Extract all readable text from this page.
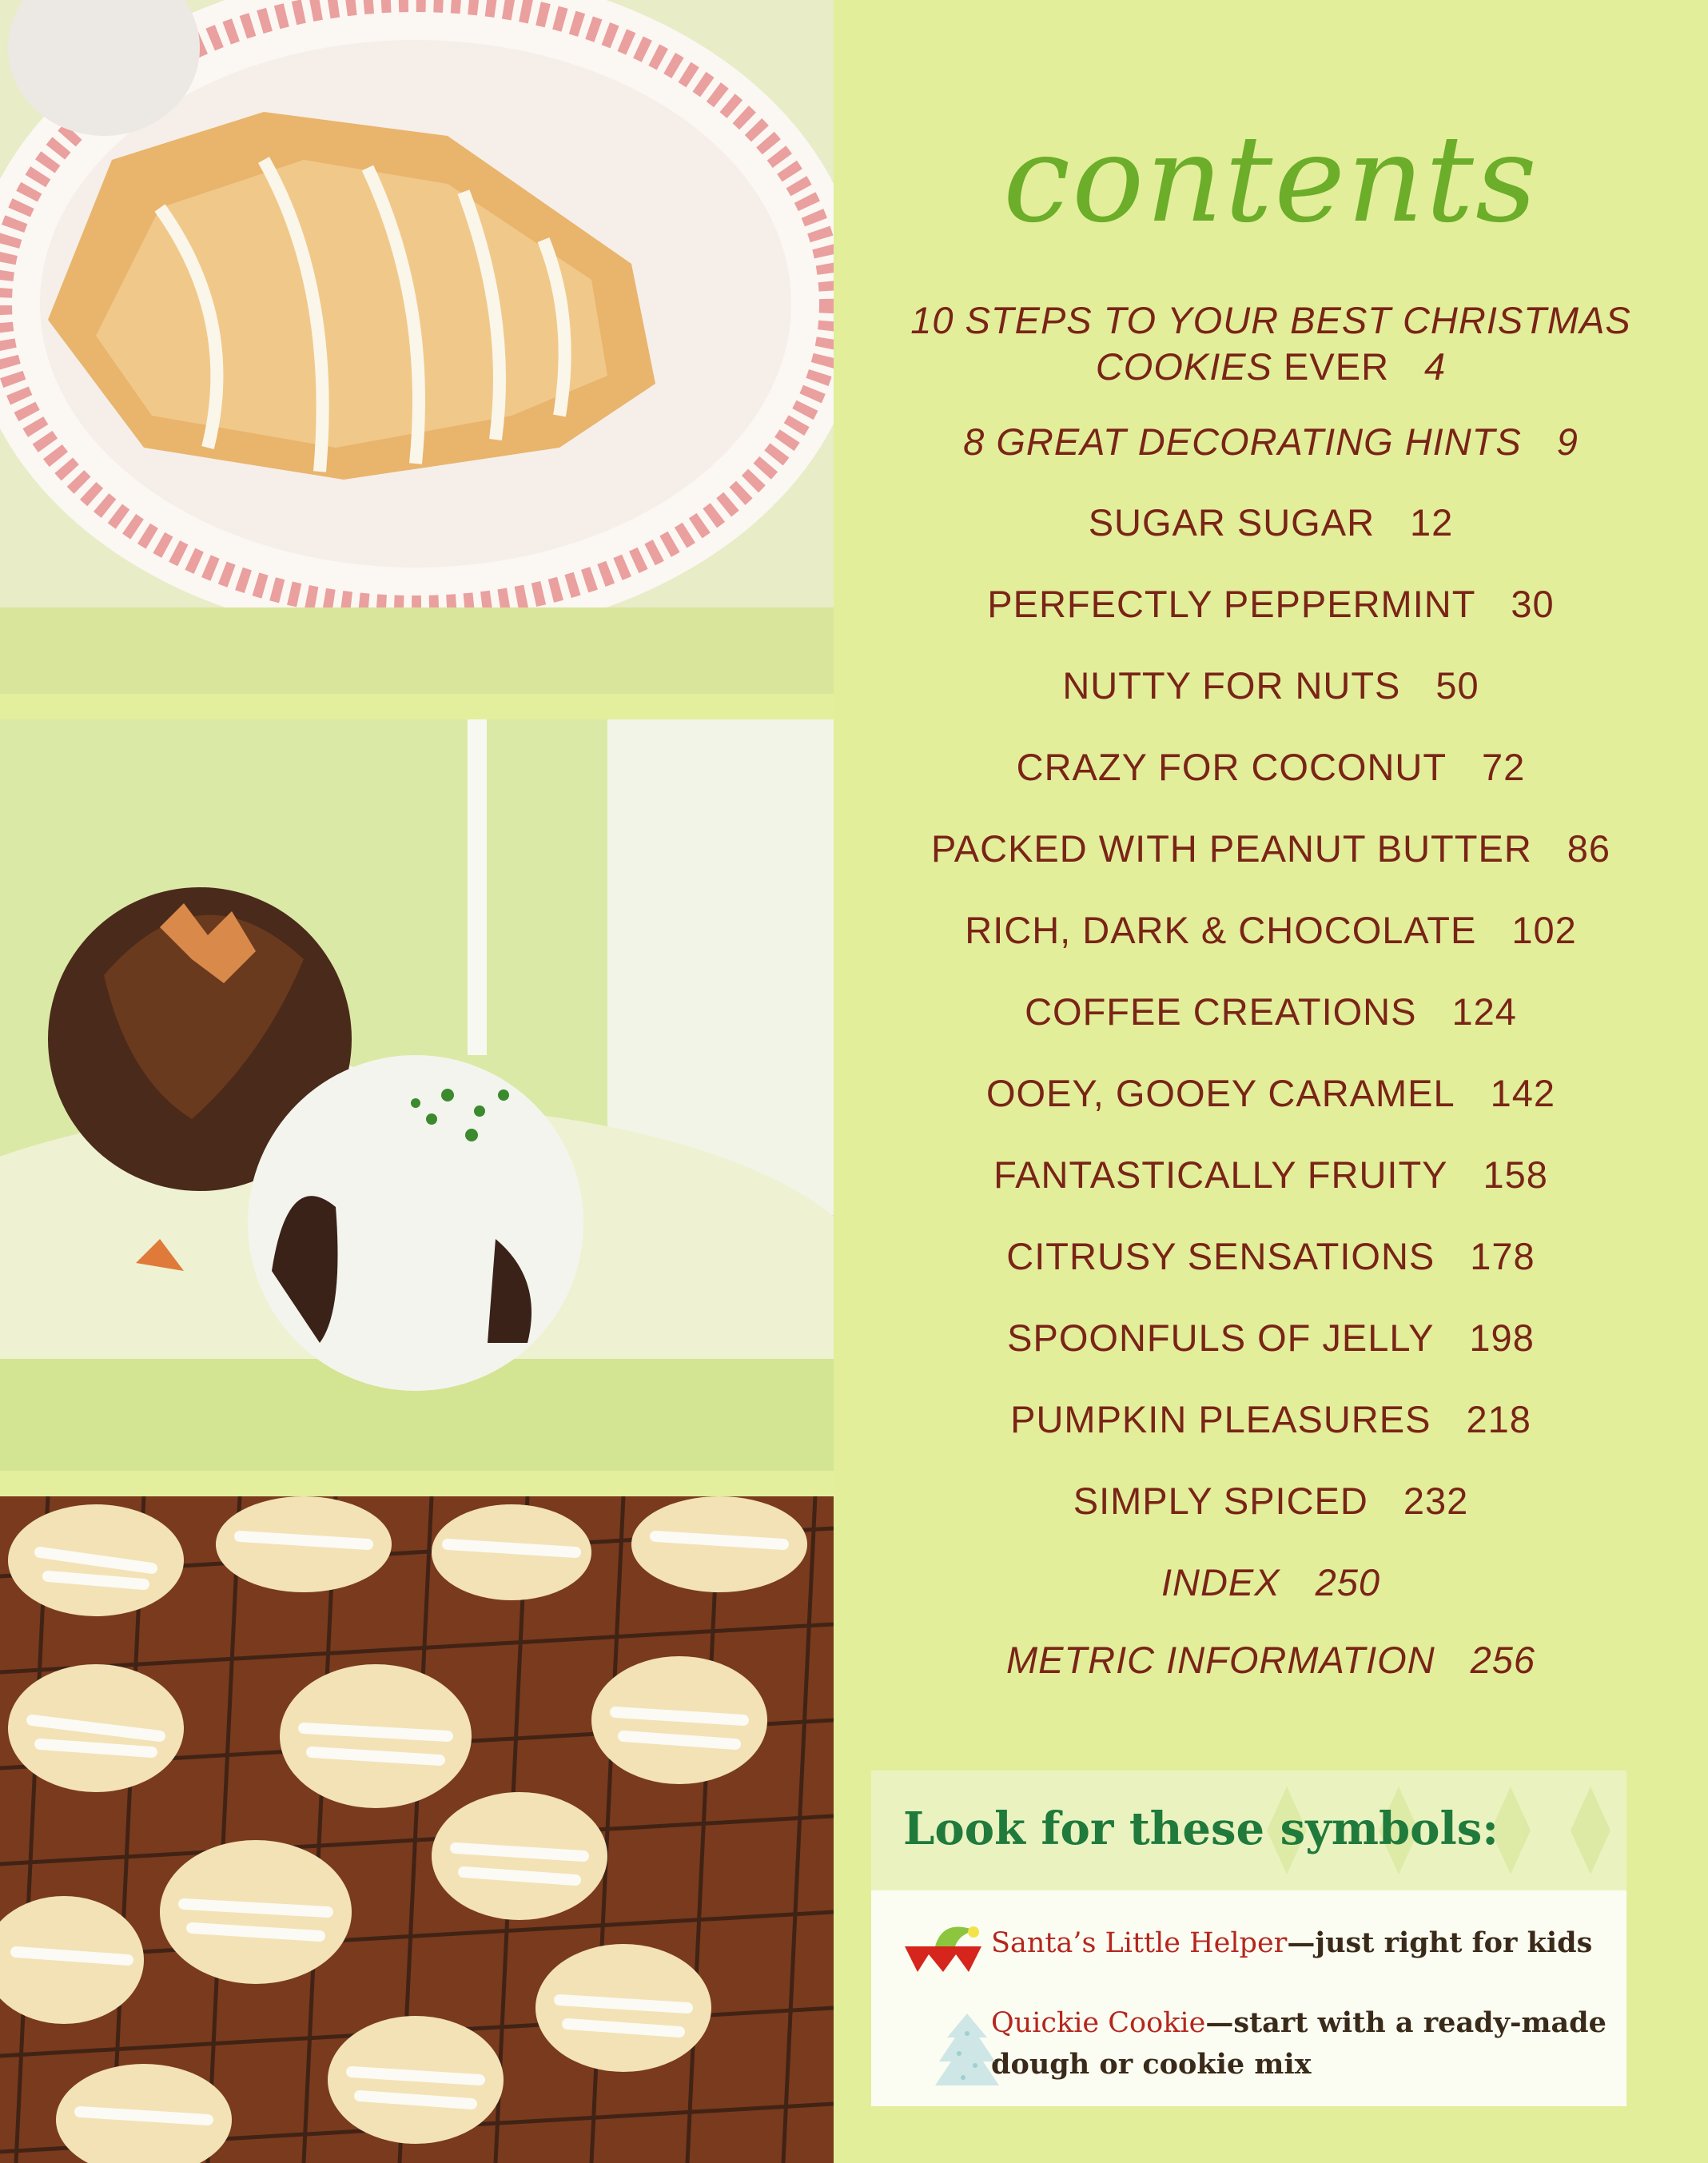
contents
10 STEPS TO YOUR BEST CHRISTMAS
COOKIES EVER 4
8 GREAT DECORATING HINTS 9
SUGAR SUGAR 12
PERFECTLY PEPPERMINT 30
NUTTY FOR NUTS 50
CRAZY FOR COCONUT 72
PACKED WITH PEANUT BUTTER 86
RICH, DARK & CHOCOLATE 102
COFFEE CREATIONS 124
OOEY, GOOEY CARAMEL 142
FANTASTICALLY FRUITY 158
CITRUSY SENSATIONS 178
SPOONFULS OF JELLY 198
PUMPKIN PLEASURES 218
SIMPLY SPICED 232
INDEX 250
METRIC INFORMATION 256
Look for these symbols:
Santa’s Little Helper—just right for kids
Quickie Cookie—start with a ready-made
dough or cookie mix
